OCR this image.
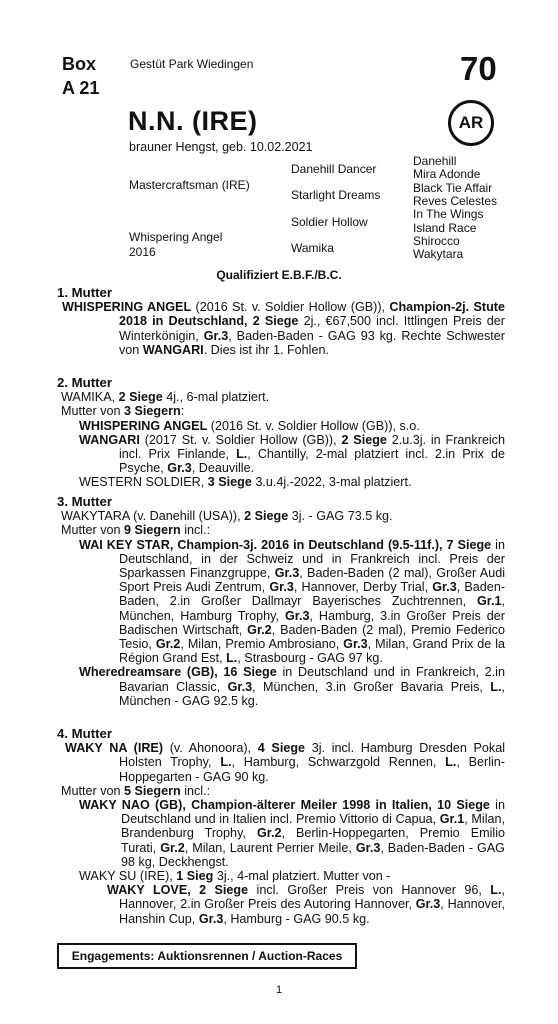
Box
A 21
Gestüt Park Wiedingen	70
N.N. (IRE)	AR
brauner Hengst, geb. 10.02.2021
Mastercraftsman (IRE)
Whispering Angel
2016
Danehill Dancer
Starlight Dreams
Soldier Hollow
Wamika
Danehill
Mira Adonde
Black Tie Affair
Reves Celestes
In The Wings
Island Race
Shirocco
Wakytara
Qualifiziert E.B.F./B.C.

1. Mutter

WHISPERING ANGEL (2016 St. v. Soldier Hollow (GB)), Champion-2j. Stute 2018 in Deutschland, 2 Siege 2j., €67,500 incl. Ittlingen Preis der Winterkönigin, Gr.3, Baden-Baden - GAG 93 kg. Rechte Schwester von WANGARI. Dies ist ihr 1. Fohlen.

2. Mutter

WAMIKA, 2 Siege 4j., 6-mal platziert.

Mutter von 3 Siegern:

WHISPERING ANGEL (2016 St. v. Soldier Hollow (GB)), s.o.

WANGARI (2017 St. v. Soldier Hollow (GB)), 2 Siege 2.u.3j. in Frankreich incl. Prix Finlande, L., Chantilly, 2-mal platziert incl. 2.in Prix de Psyche, Gr.3, Deauville.

WESTERN SOLDIER, 3 Siege 3.u.4j.-2022, 3-mal platziert.

3. Mutter

WAKYTARA (v. Danehill (USA)), 2 Siege 3j. - GAG 73.5 kg.

Mutter von 9 Siegern incl.:

WAI KEY STAR, Champion-3j. 2016 in Deutschland (9.5-11f.), 7 Siege in Deutschland, in der Schweiz und in Frankreich incl. Preis der Sparkassen Finanzgruppe, Gr.3, Baden-Baden (2 mal), Großer Audi Sport Preis Audi Zentrum, Gr.3, Hannover, Derby Trial, Gr.3, Baden-Baden, 2.in Großer Dallmayr Bayerisches Zuchtrennen, Gr.1, München, Hamburg Trophy, Gr.3, Hamburg, 3.in Großer Preis der Badischen Wirtschaft, Gr.2, Baden-Baden (2 mal), Premio Federico Tesio, Gr.2, Milan, Premio Ambrosiano, Gr.3, Milan, Grand Prix de la Région Grand Est, L., Strasbourg - GAG 97 kg.

Wheredreamsare (GB), 16 Siege in Deutschland und in Frankreich, 2.in Bavarian Classic, Gr.3, München, 3.in Großer Bavaria Preis, L., München - GAG 92.5 kg.

4. Mutter

WAKY NA (IRE) (v. Ahonoora), 4 Siege 3j. incl. Hamburg Dresden Pokal Holsten Trophy, L., Hamburg, Schwarzgold Rennen, L., Berlin-Hoppegarten - GAG 90 kg.

Mutter von 5 Siegern incl.:

WAKY NAO (GB), Champion-älterer Meiler 1998 in Italien, 10 Siege in Deutschland und in Italien incl. Premio Vittorio di Capua, Gr.1, Milan, Brandenburg Trophy, Gr.2, Berlin-Hoppegarten, Premio Emilio Turati, Gr.2, Milan, Laurent Perrier Meile, Gr.3, Baden-Baden - GAG 98 kg, Deckhengst.

WAKY SU (IRE), 1 Sieg 3j., 4-mal platziert. Mutter von -

WAKY LOVE, 2 Siege incl. Großer Preis von Hannover 96, L., Hannover, 2.in Großer Preis des Autoring Hannover, Gr.3, Hannover, Hanshin Cup, Gr.3, Hamburg - GAG 90.5 kg.

Engagements: Auktionsrennen / Auction-Races
1
